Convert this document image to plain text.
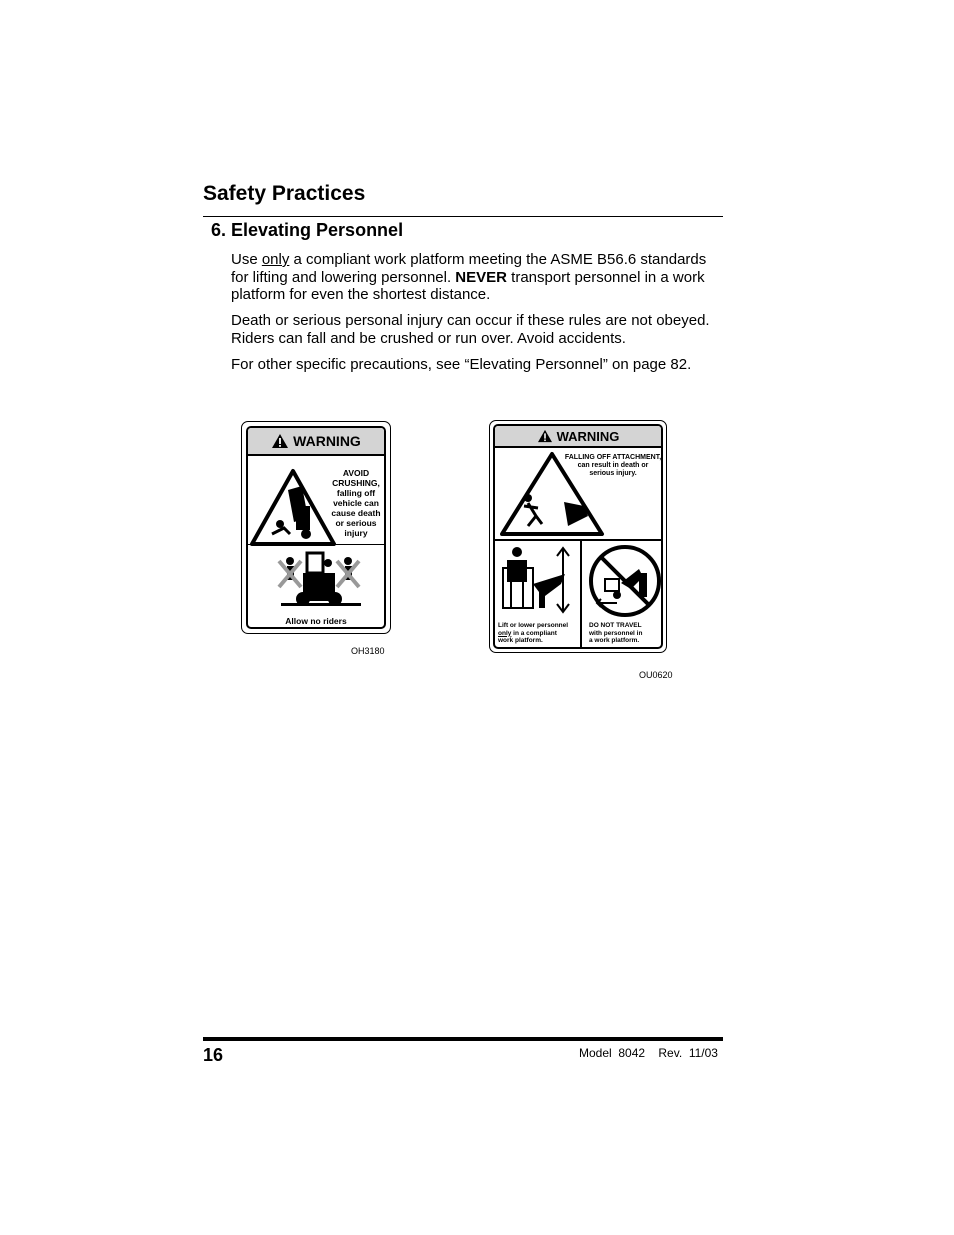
Safety Practices
6. Elevating Personnel
Use only a compliant work platform meeting the ASME B56.6 standards for lifting and lowering personnel. NEVER transport personnel in a work platform for even the shortest distance.
Death or serious personal injury can occur if these rules are not obeyed. Riders can fall and be crushed or run over. Avoid accidents.
For other specific precautions, see “Elevating Personnel” on page 82.
WARNING
AVOID
CRUSHING,
falling off
vehicle can
cause death
or serious
injury
Allow no riders
OH3180
WARNING
FALLING OFF ATTACHMENT,
can result in death or
serious injury.
Lift or lower personnel
only in a compliant
work platform.
DO NOT TRAVEL
with personnel in
a work platform.
OU0620
16	Model  8042    Rev.  11/03
